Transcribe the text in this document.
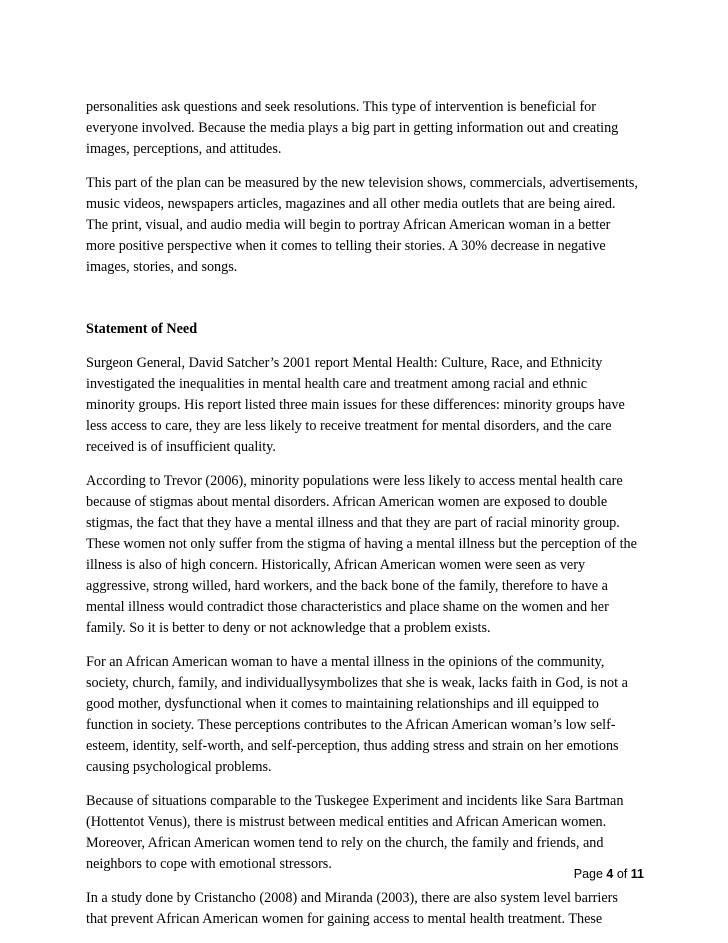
personalities ask questions and seek resolutions. This type of intervention is beneficial for
everyone involved. Because the media plays a big part in getting information out and creating
images, perceptions, and attitudes.

This part of the plan can be measured by the new television shows, commercials, advertisements,
music videos, newspapers articles, magazines and all other media outlets that are being aired.
The print, visual, and audio media will begin to portray African American woman in a better
more positive perspective when it comes to telling their stories. A 30% decrease in negative
images, stories, and songs.

Statement of Need

Surgeon General, David Satcher’s 2001 report Mental Health: Culture, Race, and Ethnicity
investigated the inequalities in mental health care and treatment among racial and ethnic
minority groups. His report listed three main issues for these differences: minority groups have
less access to care, they are less likely to receive treatment for mental disorders, and the care
received is of insufficient quality.

According to Trevor (2006), minority populations were less likely to access mental health care
because of stigmas about mental disorders. African American women are exposed to double
stigmas, the fact that they have a mental illness and that they are part of racial minority group.
These women not only suffer from the stigma of having a mental illness but the perception of the
illness is also of high concern. Historically, African American women were seen as very
aggressive, strong willed, hard workers, and the back bone of the family, therefore to have a
mental illness would contradict those characteristics and place shame on the women and her
family. So it is better to deny or not acknowledge that a problem exists.

For an African American woman to have a mental illness in the opinions of the community,
society, church, family, and individuallysymbolizes that she is weak, lacks faith in God, is not a
good mother, dysfunctional when it comes to maintaining relationships and ill equipped to
function in society. These perceptions contributes to the African American woman’s low self-
esteem, identity, self-worth, and self-perception, thus adding stress and strain on her emotions
causing psychological problems.

Because of situations comparable to the Tuskegee Experiment and incidents like Sara Bartman
(Hottentot Venus), there is mistrust between medical entities and African American women.
Moreover, African American women tend to rely on the church, the family and friends, and
neighbors to cope with emotional stressors.

In a study done by Cristancho (2008) and Miranda (2003), there are also system level barriers
that prevent African American women for gaining access to mental health treatment. These

Page 4 of 11
